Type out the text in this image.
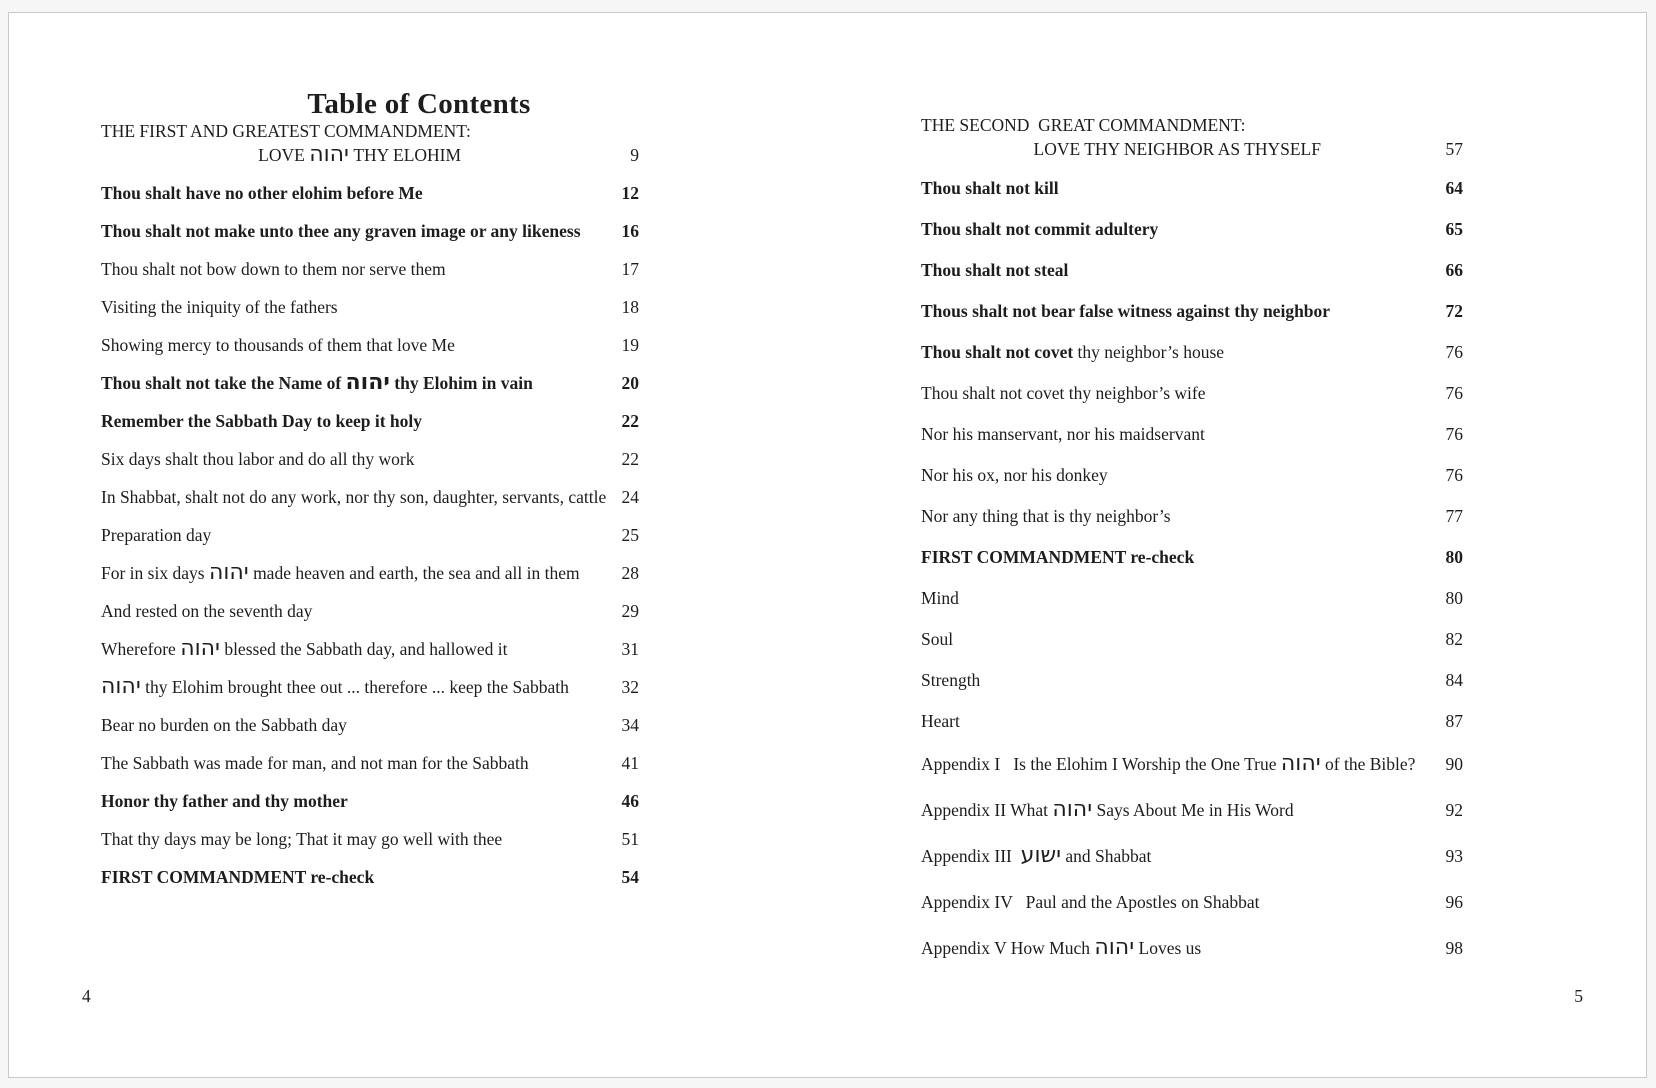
Table of Contents
THE FIRST AND GREATEST COMMANDMENT:
LOVE יהוה THY ELOHIM	9
Thou shalt have no other elohim before Me	12
Thou shalt not make unto thee any graven image or any likeness 16
Thou shalt not bow down to them nor serve them	17
Visiting the iniquity of the fathers	18
Showing mercy to thousands of them that love Me	19
Thou shalt not take the Name of יהוה thy Elohim in vain	20
Remember the Sabbath Day to keep it holy	22
Six days shalt thou labor and do all thy work	22
In Shabbat, shalt not do any work, nor thy son, daughter, servants, cattle 24
Preparation day	25
For in six days יהוה made heaven and earth, the sea and all in them 28
And rested on the seventh day	29
Wherefore יהוה blessed the Sabbath day, and hallowed it	31
יהוה thy Elohim brought thee out ... therefore ... keep the Sabbath	32
Bear no burden on the Sabbath day	34
The Sabbath was made for man, and not man for the Sabbath	41
Honor thy father and thy mother	46
That thy days may be long; That it may go well with thee	51
FIRST COMMANDMENT re-check	54
THE SECOND  GREAT COMMANDMENT:
LOVE THY NEIGHBOR AS THYSELF	57
Thou shalt not kill	64
Thou shalt not commit adultery	65
Thou shalt not steal	66
Thous shalt not bear false witness against thy neighbor	72
Thou shalt not covet thy neighbor’s house	76
Thou shalt not covet thy neighbor’s wife	76
Nor his manservant, nor his maidservant	76
Nor his ox, nor his donkey	76
Nor any thing that is thy neighbor’s	77
FIRST COMMANDMENT re-check	80
Mind	80
Soul	82
Strength	84
Heart	87
Appendix I   Is the Elohim I Worship the One True יהוה of the Bible? 90
Appendix II What יהוה Says About Me in His Word	92
Appendix III  ישוע and Shabbat	93
Appendix IV   Paul and the Apostles on Shabbat	96
Appendix V How Much יהוה Loves us	98
4	5
